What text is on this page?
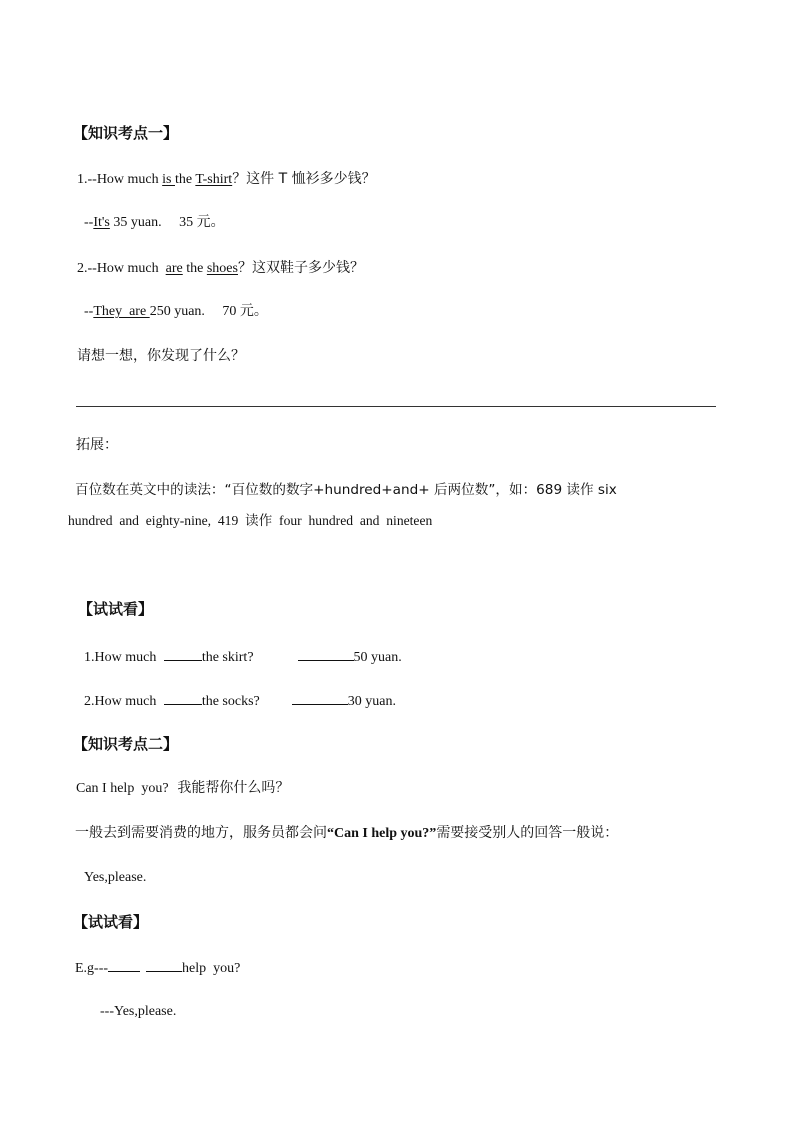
【知识考点一】
1.--How much is the T-shirt？这件 T 恤衫多少钱？
--It's 35 yuan.     35 元。
2.--How much  are the shoes？这双鞋子多少钱？
--They  are 250 yuan.     70 元。
请想一想，你发现了什么？
拓展：
百位数在英文中的读法：“百位数的数字+hundred+and+ 后两位数”，如：689 读作 six
hundred  and  eighty-nine,  419  读作  four  hundred  and  nineteen
【试试看】
1.How much	the skirt?	50 yuan.
2.How much	the socks?	30 yuan.
【知识考点二】
Can I help  you?  我能帮你什么吗？
一般去到需要消费的地方，服务员都会问“Can I help you?”需要接受别人的回答一般说：
Yes,please.
【试试看】
E.g---	help  you?
---Yes,please.
